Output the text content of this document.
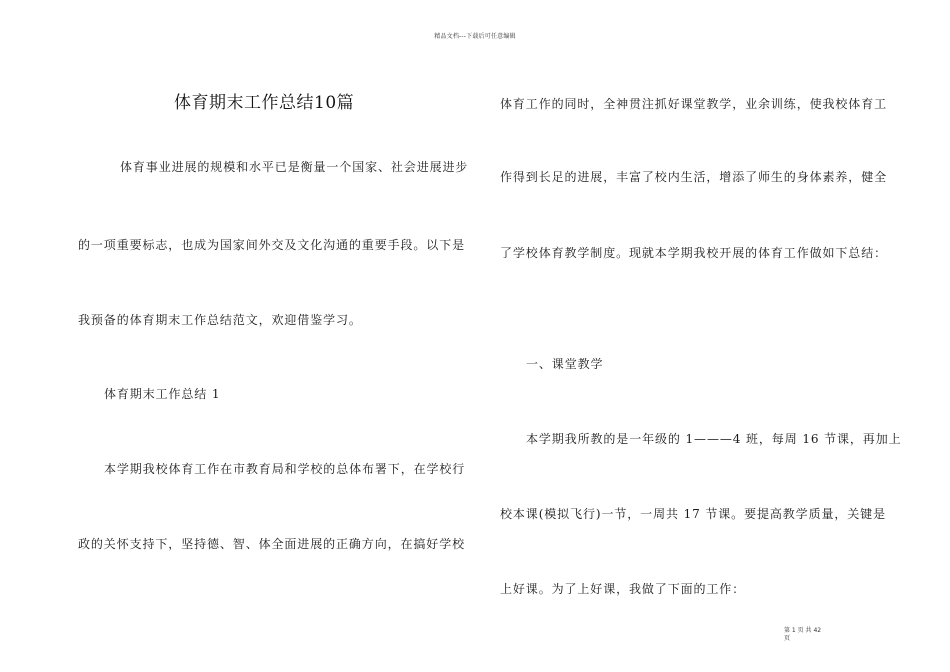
精品文档---下载后可任意编辑
体育期末工作总结10篇
体育事业进展的规模和水平已是衡量一个国家、社会进展进步
的一项重要标志，也成为国家间外交及文化沟通的重要手段。以下是
我预备的体育期末工作总结范文，欢迎借鉴学习。
体育期末工作总结 1
本学期我校体育工作在市教育局和学校的总体布署下，在学校行
政的关怀支持下，坚持德、智、体全面进展的正确方向，在搞好学校
体育工作的同时，全神贯注抓好课堂教学，业余训练，使我校体育工
作得到长足的进展，丰富了校内生活，增添了师生的身体素养，健全
了学校体育教学制度。现就本学期我校开展的体育工作做如下总结：
一、课堂教学
本学期我所教的是一年级的 1———4 班，每周 16 节课，再加上
校本课(模拟飞行)一节，一周共 17 节课。要提高教学质量，关键是
上好课。为了上好课，我做了下面的工作：
第 1 页 共 42
页
